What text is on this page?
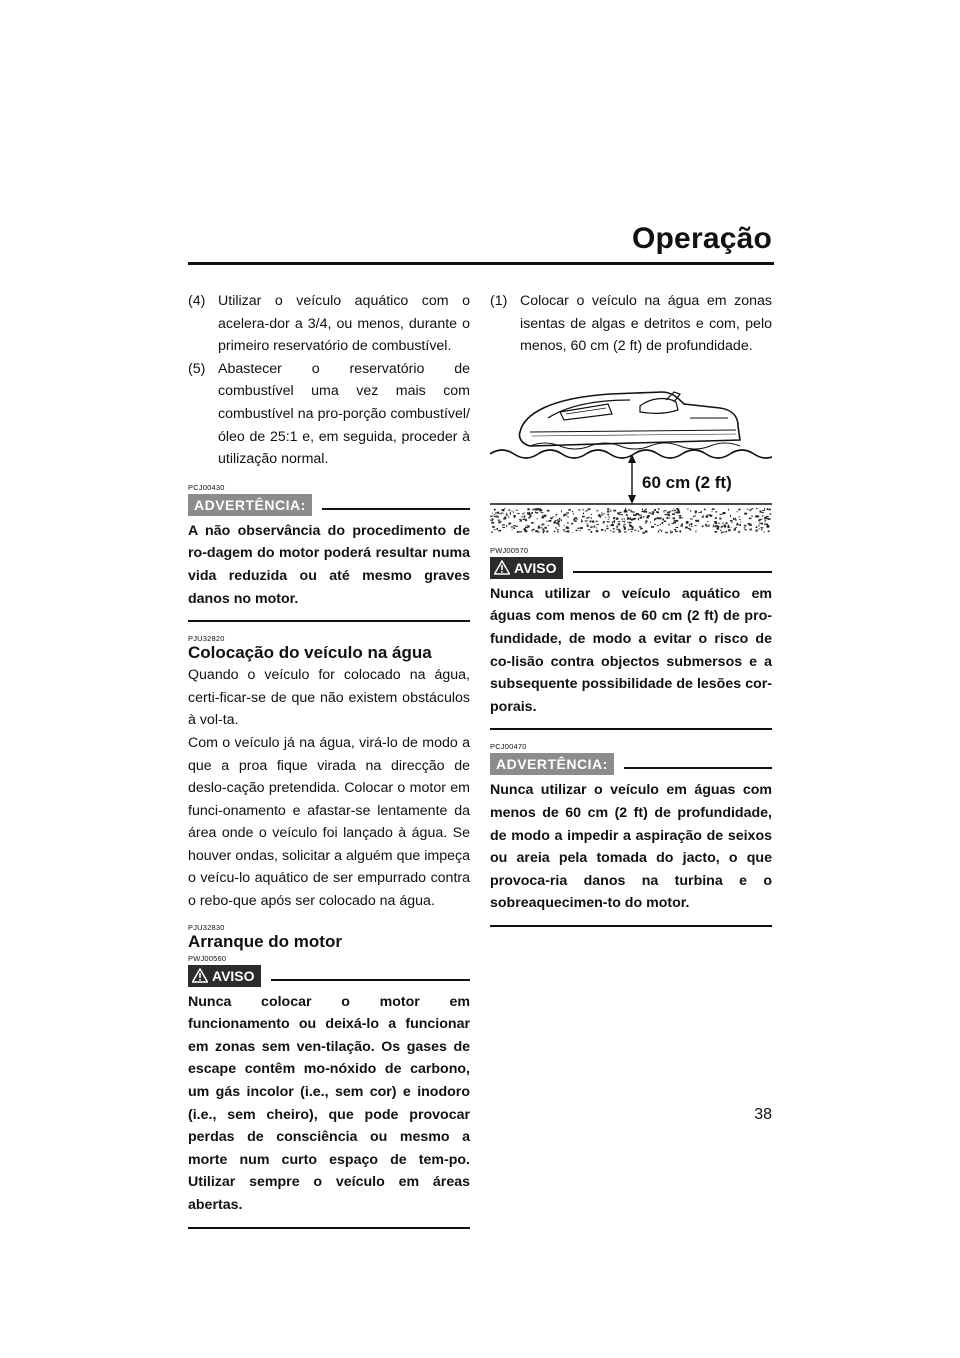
Operação

(4) Utilizar o veículo aquático com o acelera-dor a 3/4, ou menos, durante o primeiro reservatório de combustível.

(5) Abastecer o reservatório de combustível uma vez mais com combustível na pro-porção combustível/óleo de 25:1 e, em seguida, proceder à utilização normal.

PCJ00430

ADVERTÊNCIA:

A não observância do procedimento de ro-dagem do motor poderá resultar numa vida reduzida ou até mesmo graves danos no motor.

PJU32820

Colocação do veículo na água

Quando o veículo for colocado na água, certi-ficar-se de que não existem obstáculos à vol-ta.

Com o veículo já na água, virá-lo de modo a que a proa fique virada na direcção de deslo-cação pretendida. Colocar o motor em funci-onamento e afastar-se lentamente da área onde o veículo foi lançado à água. Se houver ondas, solicitar a alguém que impeça o veícu-lo aquático de ser empurrado contra o rebo-que após ser colocado na água.

PJU32830

Arranque do motor

PWJ00560

AVISO

Nunca colocar o motor em funcionamento ou deixá-lo a funcionar em zonas sem ven-tilação. Os gases de escape contêm mo-nóxido de carbono, um gás incolor (i.e., sem cor) e inodoro (i.e., sem cheiro), que pode provocar perdas de consciência ou mesmo a morte num curto espaço de tem-po. Utilizar sempre o veículo em áreas abertas.

(1) Colocar o veículo na água em zonas isentas de algas e detritos e com, pelo menos, 60 cm (2 ft) de profundidade.

60 cm (2 ft)

PWJ00570

AVISO

Nunca utilizar o veículo aquático em águas com menos de 60 cm (2 ft) de pro-fundidade, de modo a evitar o risco de co-lisão contra objectos submersos e a subsequente possibilidade de lesões cor-porais.

PCJ00470

ADVERTÊNCIA:

Nunca utilizar o veículo em águas com menos de 60 cm (2 ft) de profundidade, de modo a impedir a aspiração de seixos ou areia pela tomada do jacto, o que provoca-ria danos na turbina e o sobreaquecimen-to do motor.

38
